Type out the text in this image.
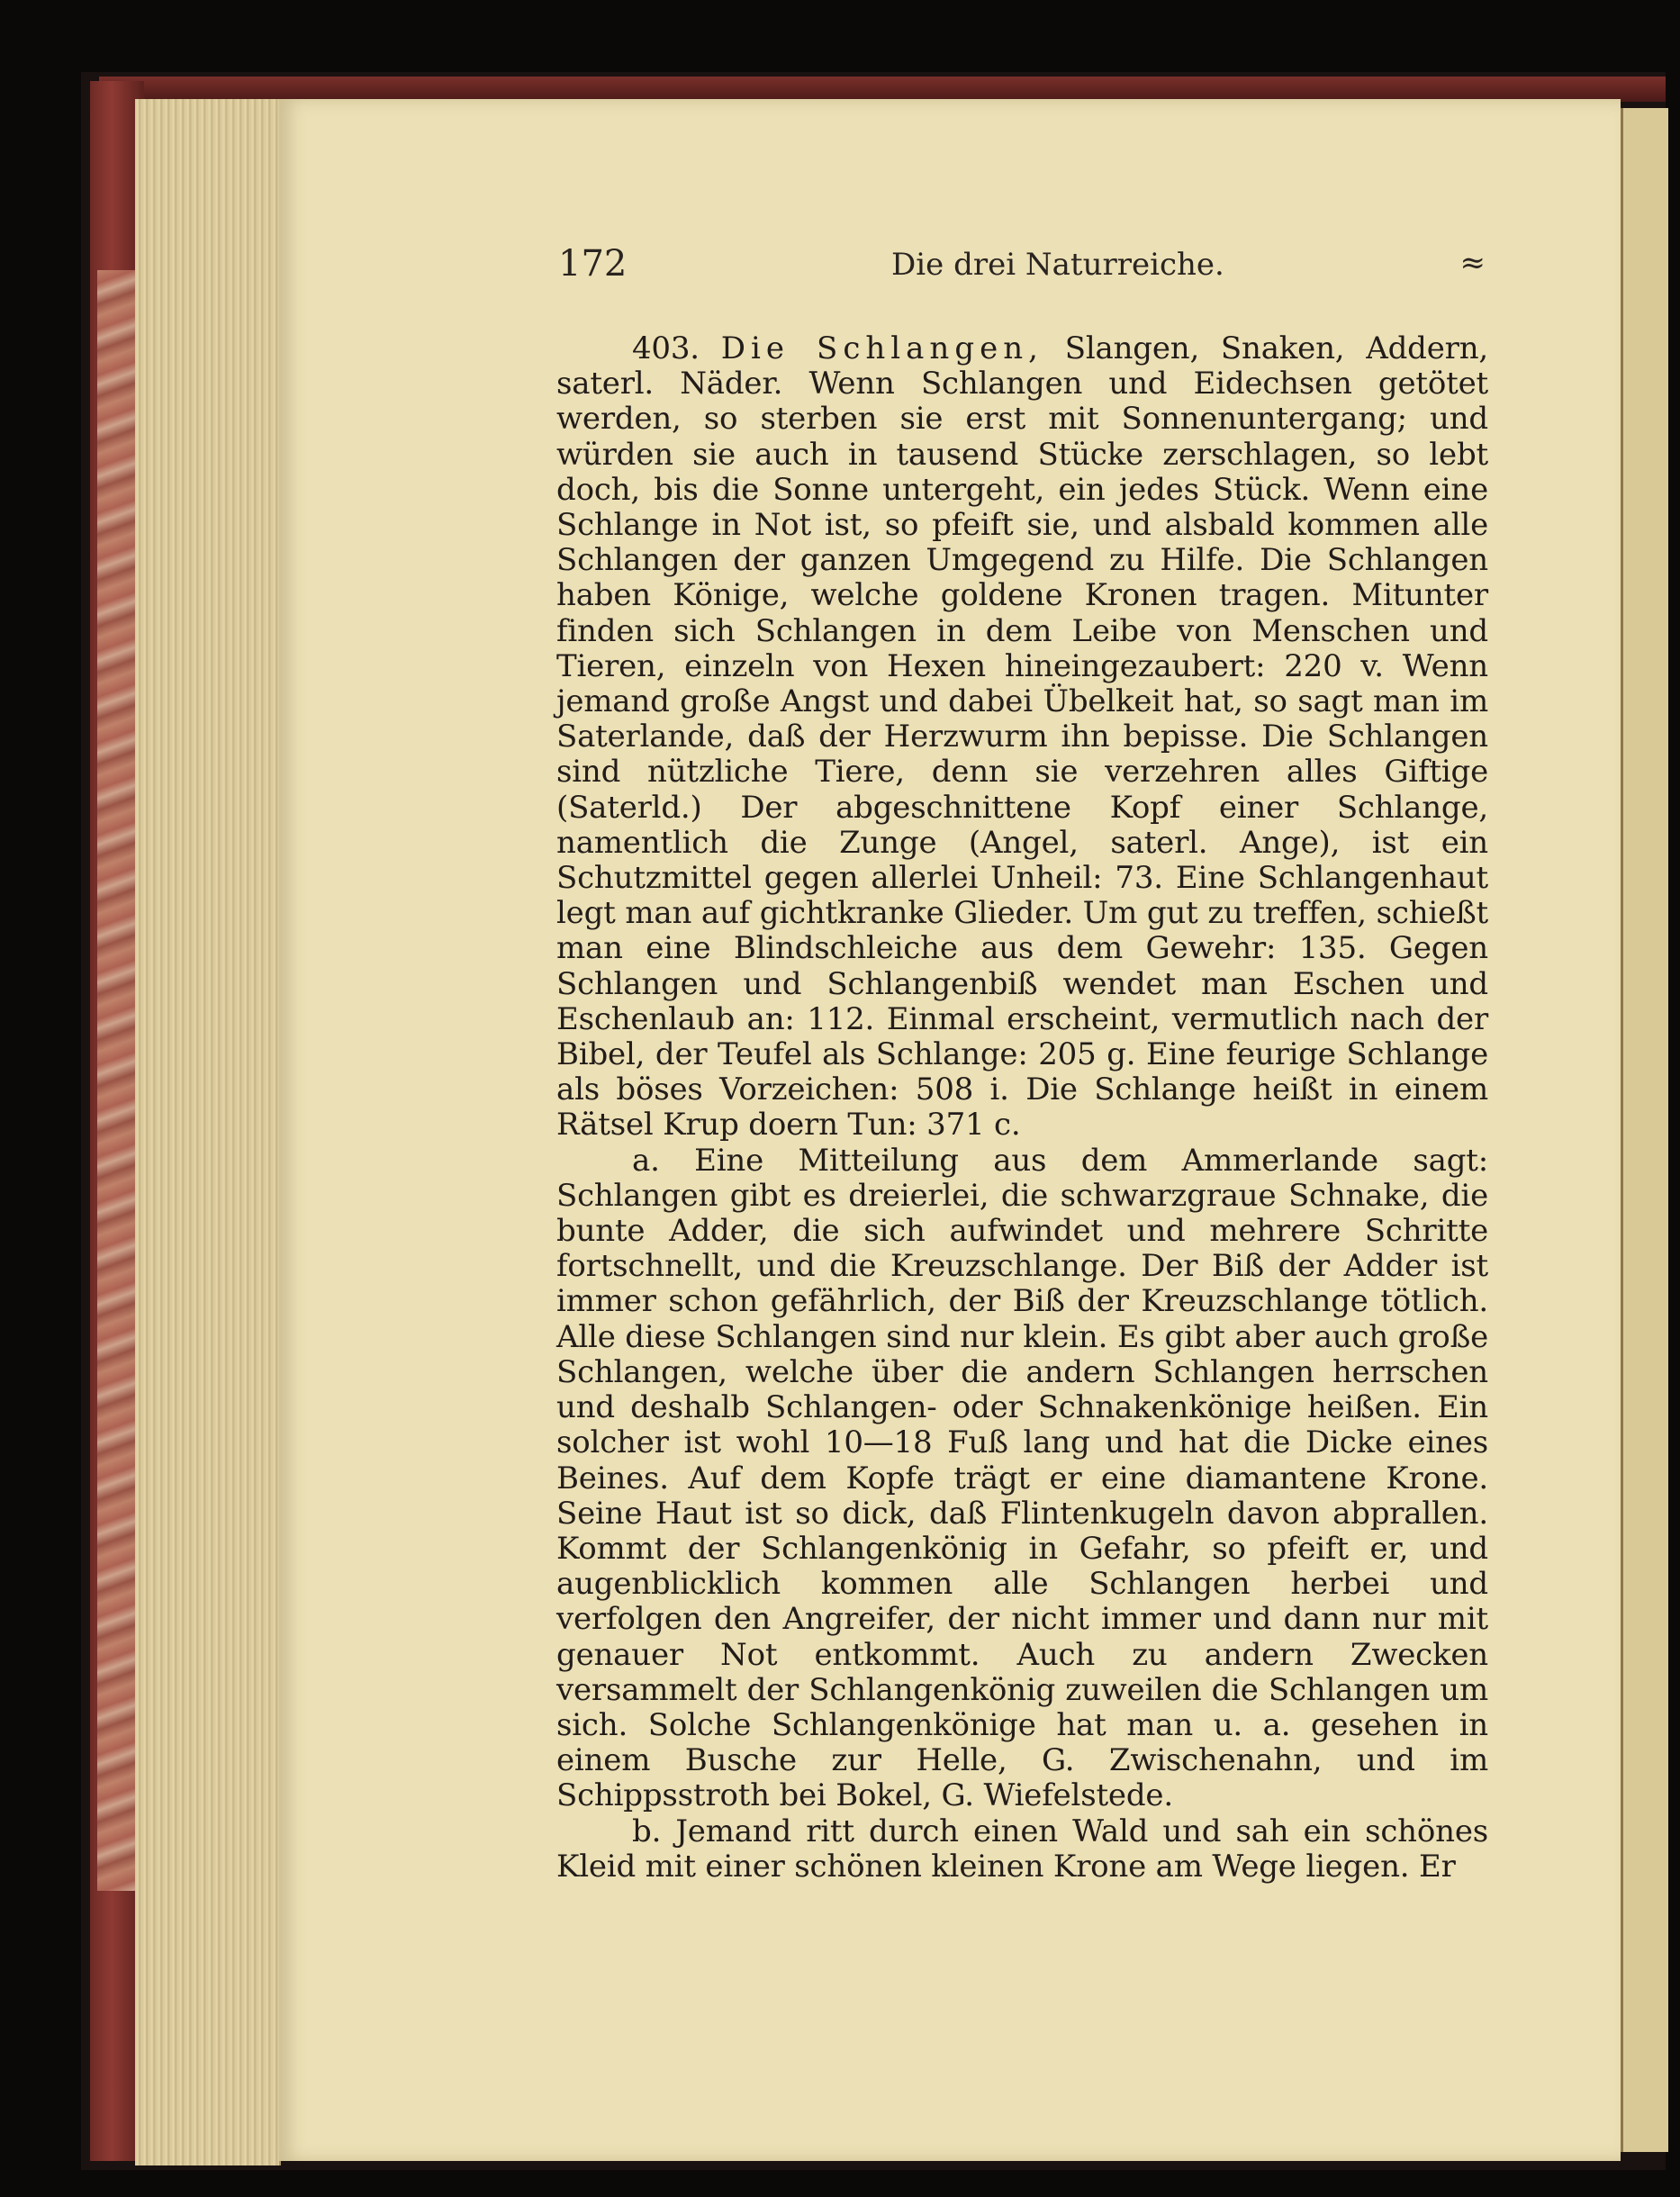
172	Die drei Naturreiche.	≈

403. Die Schlangen, Slangen, Snaken, Addern, saterl. Näder. Wenn Schlangen und Eidechsen getötet werden, so sterben sie erst mit Sonnenuntergang; und würden sie auch in tausend Stücke zerschlagen, so lebt doch, bis die Sonne untergeht, ein jedes Stück. Wenn eine Schlange in Not ist, so pfeift sie, und alsbald kommen alle Schlangen der ganzen Umgegend zu Hilfe. Die Schlangen haben Könige, welche goldene Kronen tragen. Mitunter finden sich Schlangen in dem Leibe von Menschen und Tieren, einzeln von Hexen hineingezaubert: 220 v. Wenn jemand große Angst und dabei Übelkeit hat, so sagt man im Saterlande, daß der Herzwurm ihn bepisse. Die Schlangen sind nützliche Tiere, denn sie verzehren alles Giftige (Saterld.) Der abgeschnittene Kopf einer Schlange, namentlich die Zunge (Angel, saterl. Ange), ist ein Schutzmittel gegen allerlei Unheil: 73. Eine Schlangenhaut legt man auf gichtkranke Glieder. Um gut zu treffen, schießt man eine Blindschleiche aus dem Gewehr: 135. Gegen Schlangen und Schlangenbiß wendet man Eschen und Eschenlaub an: 112. Einmal erscheint, vermutlich nach der Bibel, der Teufel als Schlange: 205 g. Eine feurige Schlange als böses Vorzeichen: 508 i. Die Schlange heißt in einem Rätsel Krup doern Tun: 371 c.

a. Eine Mitteilung aus dem Ammerlande sagt: Schlangen gibt es dreierlei, die schwarzgraue Schnake, die bunte Adder, die sich aufwindet und mehrere Schritte fortschnellt, und die Kreuzschlange. Der Biß der Adder ist immer schon gefährlich, der Biß der Kreuzschlange tötlich. Alle diese Schlangen sind nur klein. Es gibt aber auch große Schlangen, welche über die andern Schlangen herrschen und deshalb Schlangen- oder Schnakenkönige heißen. Ein solcher ist wohl 10—18 Fuß lang und hat die Dicke eines Beines. Auf dem Kopfe trägt er eine diamantene Krone. Seine Haut ist so dick, daß Flintenkugeln davon abprallen. Kommt der Schlangenkönig in Gefahr, so pfeift er, und augenblicklich kommen alle Schlangen herbei und verfolgen den Angreifer, der nicht immer und dann nur mit genauer Not entkommt. Auch zu andern Zwecken versammelt der Schlangenkönig zuweilen die Schlangen um sich. Solche Schlangenkönige hat man u. a. gesehen in einem Busche zur Helle, G. Zwischenahn, und im Schippsstroth bei Bokel, G. Wiefelstede.

b. Jemand ritt durch einen Wald und sah ein schönes Kleid mit einer schönen kleinen Krone am Wege liegen. Er
